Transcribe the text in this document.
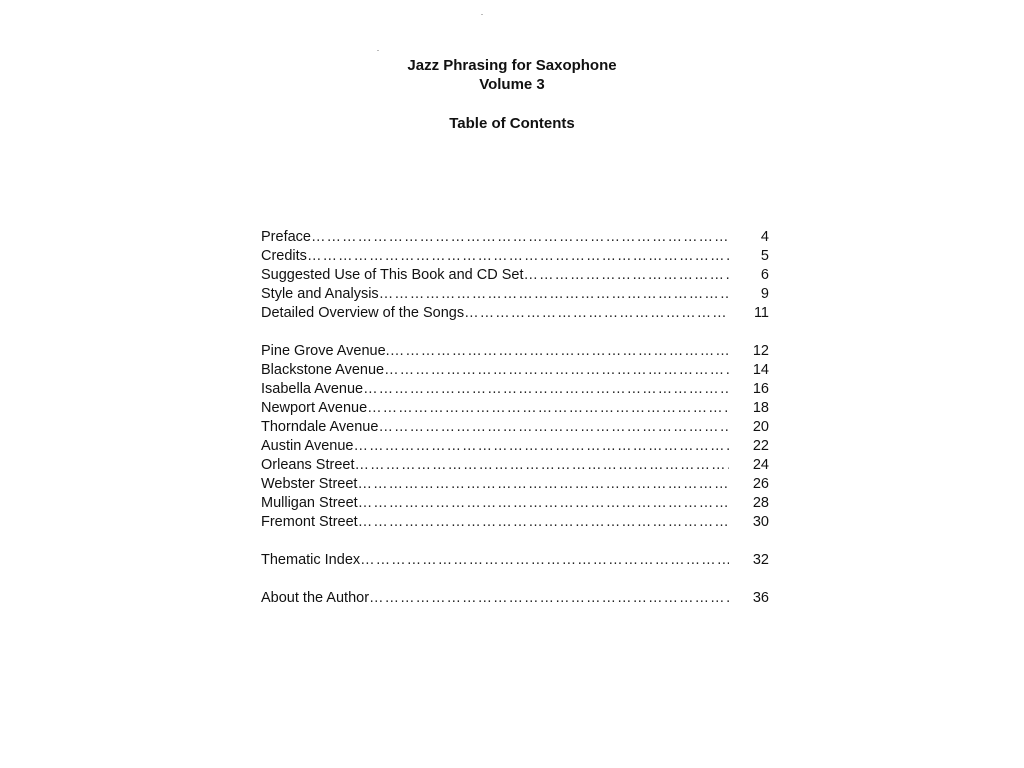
Jazz Phrasing for Saxophone
Volume 3
Table of Contents
Preface ………………………………………………………………………………………………………………………………………………	4
Credits ………………………………………………………………………………………………………………………………………………	5
Suggested Use of This Book and CD Set ………………………………………………………………………………………………………………………………………………	6
Style and Analysis ………………………………………………………………………………………………………………………………………………	9
Detailed Overview of the Songs ………………………………………………………………………………………………………………………………………………	11
Pine Grove Avenue. ………………………………………………………………………………………………………………………………………………	12
Blackstone Avenue ………………………………………………………………………………………………………………………………………………	14
Isabella Avenue ………………………………………………………………………………………………………………………………………………	16
Newport Avenue ………………………………………………………………………………………………………………………………………………	18
Thorndale Avenue ………………………………………………………………………………………………………………………………………………	20
Austin Avenue ………………………………………………………………………………………………………………………………………………	22
Orleans Street ………………………………………………………………………………………………………………………………………………	24
Webster Street ………………………………………………………………………………………………………………………………………………	26
Mulligan Street ………………………………………………………………………………………………………………………………………………	28
Fremont Street ………………………………………………………………………………………………………………………………………………	30
Thematic Index ………………………………………………………………………………………………………………………………………………	32
About the Author ………………………………………………………………………………………………………………………………………………	36
